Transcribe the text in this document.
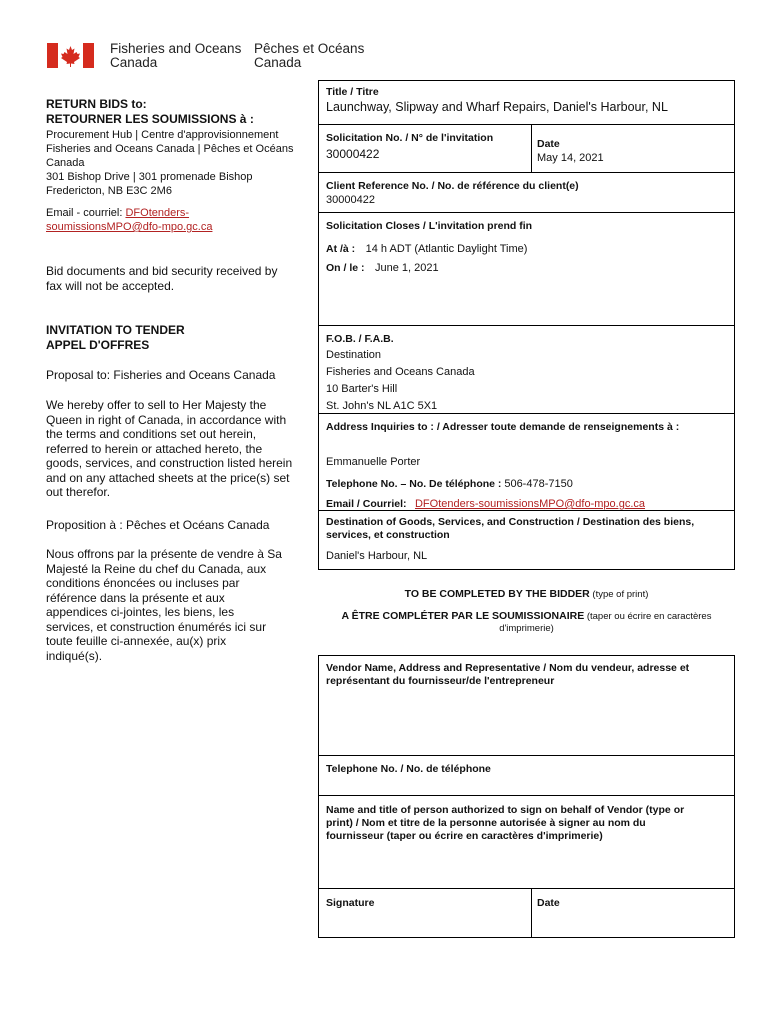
Fisheries and Oceans
Canada
Pêches et Océans
Canada
RETURN BIDS to:
RETOURNER LES SOUMISSIONS à :
Procurement Hub | Centre d'approvisionnement
Fisheries and Oceans Canada | Pêches et Océans
Canada
301 Bishop Drive | 301 promenade Bishop
Fredericton, NB E3C 2M6
Email - courriel: DFOtenders-
soumissionsMPO@dfo-mpo.gc.ca
Bid documents and bid security received by
fax will not be accepted.
INVITATION TO TENDER
APPEL D'OFFRES
Proposal to: Fisheries and Oceans Canada
We hereby offer to sell to Her Majesty the
Queen in right of Canada, in accordance with
the terms and conditions set out herein,
referred to herein or attached hereto, the
goods, services, and construction listed herein
and on any attached sheets at the price(s) set
out therefor.
Proposition à : Pêches et Océans Canada
Nous offrons par la présente de vendre à Sa
Majesté la Reine du chef du Canada, aux
conditions énoncées ou incluses par
référence dans la présente et aux
appendices ci-jointes, les biens, les
services, et construction énumérés ici sur
toute feuille ci-annexée, au(x) prix
indiqué(s).
Title / Titre
Launchway, Slipway and Wharf Repairs, Daniel's Harbour, NL
Solicitation No. / N° de l'invitation
30000422
Date
May 14, 2021
Client Reference No. / No. de référence du client(e)
30000422
Solicitation Closes / L'invitation prend fin
At /à : 14 h ADT (Atlantic Daylight Time)
On / le : June 1, 2021
F.O.B. / F.A.B.
Destination
Fisheries and Oceans Canada
10 Barter's Hill
St. John's NL A1C 5X1
Address Inquiries to : / Adresser toute demande de renseignements à :
Emmanuelle Porter
Telephone No. – No. De téléphone : 506-478-7150
Email / Courriel: DFOtenders-soumissionsMPO@dfo-mpo.gc.ca
Destination of Goods, Services, and Construction / Destination des biens,
services, et construction
Daniel's Harbour, NL
TO BE COMPLETED BY THE BIDDER (type of print)
A ÊTRE COMPLÉTER PAR LE SOUMISSIONAIRE (taper ou écrire en caractères
d'imprimerie)
Vendor Name, Address and Representative / Nom du vendeur, adresse et
représentant du fournisseur/de l'entrepreneur
Telephone No. / No. de téléphone
Name and title of person authorized to sign on behalf of Vendor (type or
print) / Nom et titre de la personne autorisée à signer au nom du
fournisseur (taper ou écrire en caractères d'imprimerie)
Signature	Date
